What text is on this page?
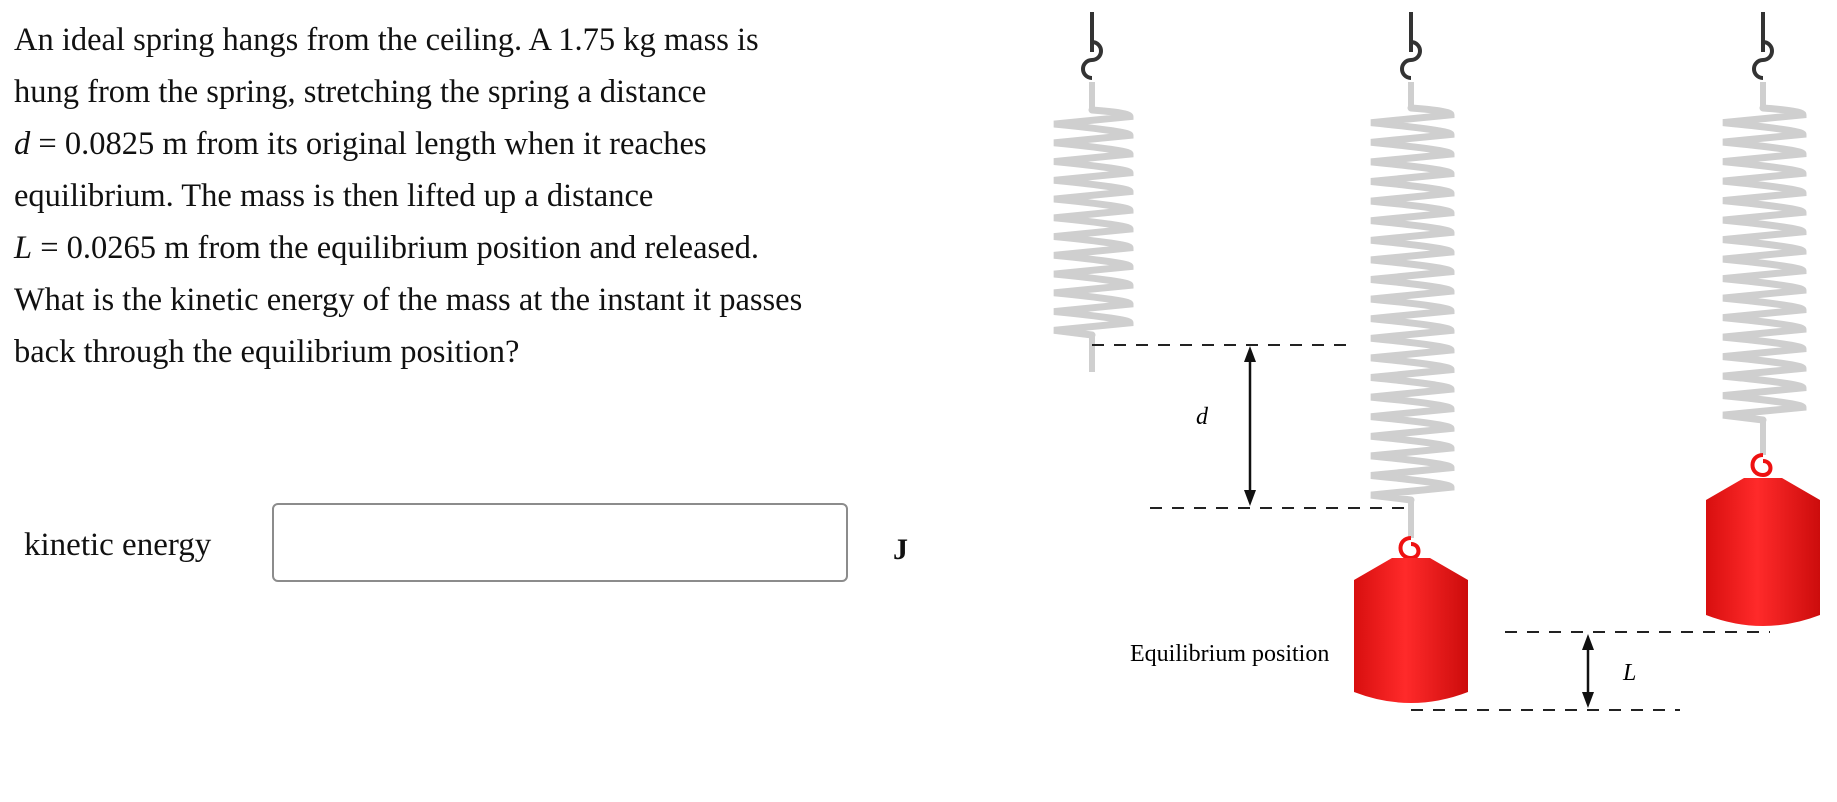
An ideal spring hangs from the ceiling. A 1.75 kg mass is

hung from the spring, stretching the spring a distance

d = 0.0825 m from its original length when it reaches

equilibrium. The mass is then lifted up a distance

L = 0.0265 m from the equilibrium position and released.

What is the kinetic energy of the mass at the instant it passes

back through the equilibrium position?

kinetic energy	J
d
L
Equilibrium position
